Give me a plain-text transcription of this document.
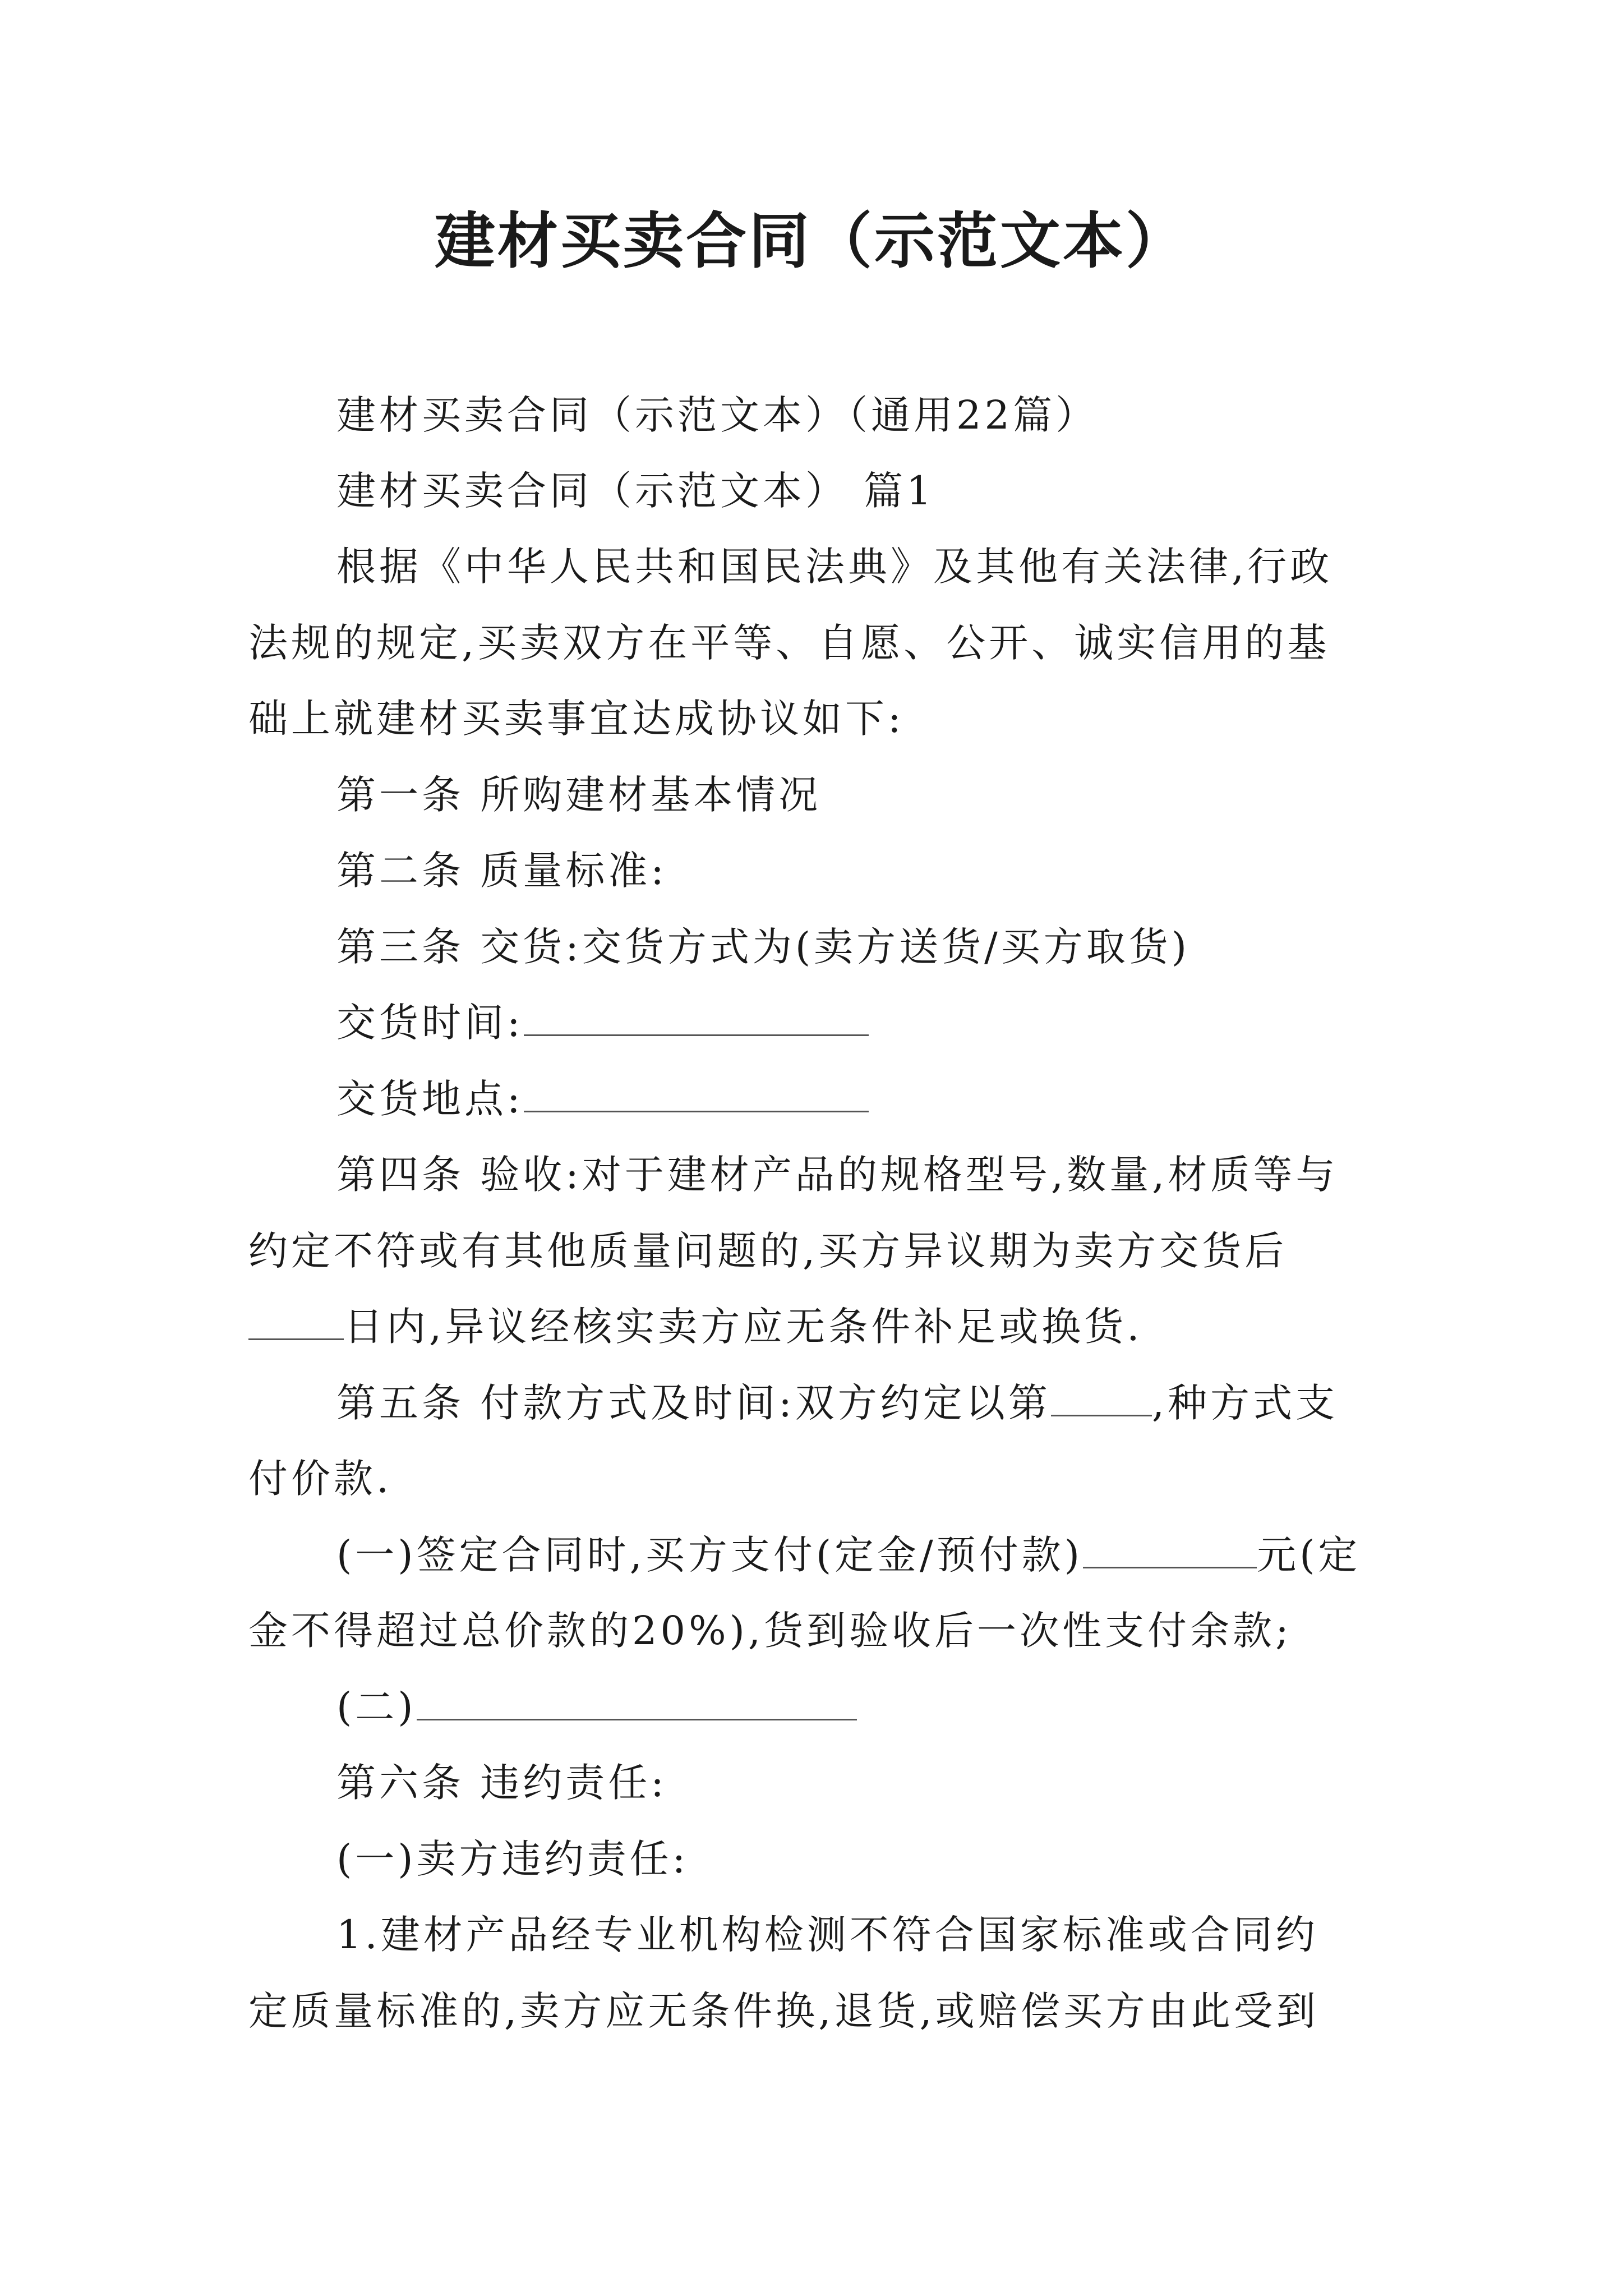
建材买卖合同（示范文本）
建材买卖合同（示范文本）（通用22篇）
建材买卖合同（示范文本） 篇1
根据《中华人民共和国民法典》及其他有关法律,行政
法规的规定,买卖双方在平等、自愿、公开、诚实信用的基
础上就建材买卖事宜达成协议如下:
第一条 所购建材基本情况
第二条 质量标准:
第三条 交货:交货方式为(卖方送货/买方取货)
交货时间:
交货地点:
第四条 验收:对于建材产品的规格型号,数量,材质等与
约定不符或有其他质量问题的,买方异议期为卖方交货后
日内,异议经核实卖方应无条件补足或换货.
第五条 付款方式及时间:双方约定以第	,种方式支
付价款.
(一)签定合同时,买方支付(定金/预付款)	元(定
金不得超过总价款的20%),货到验收后一次性支付余款;
(二)
第六条 违约责任:
(一)卖方违约责任:
1.建材产品经专业机构检测不符合国家标准或合同约
定质量标准的,卖方应无条件换,退货,或赔偿买方由此受到
